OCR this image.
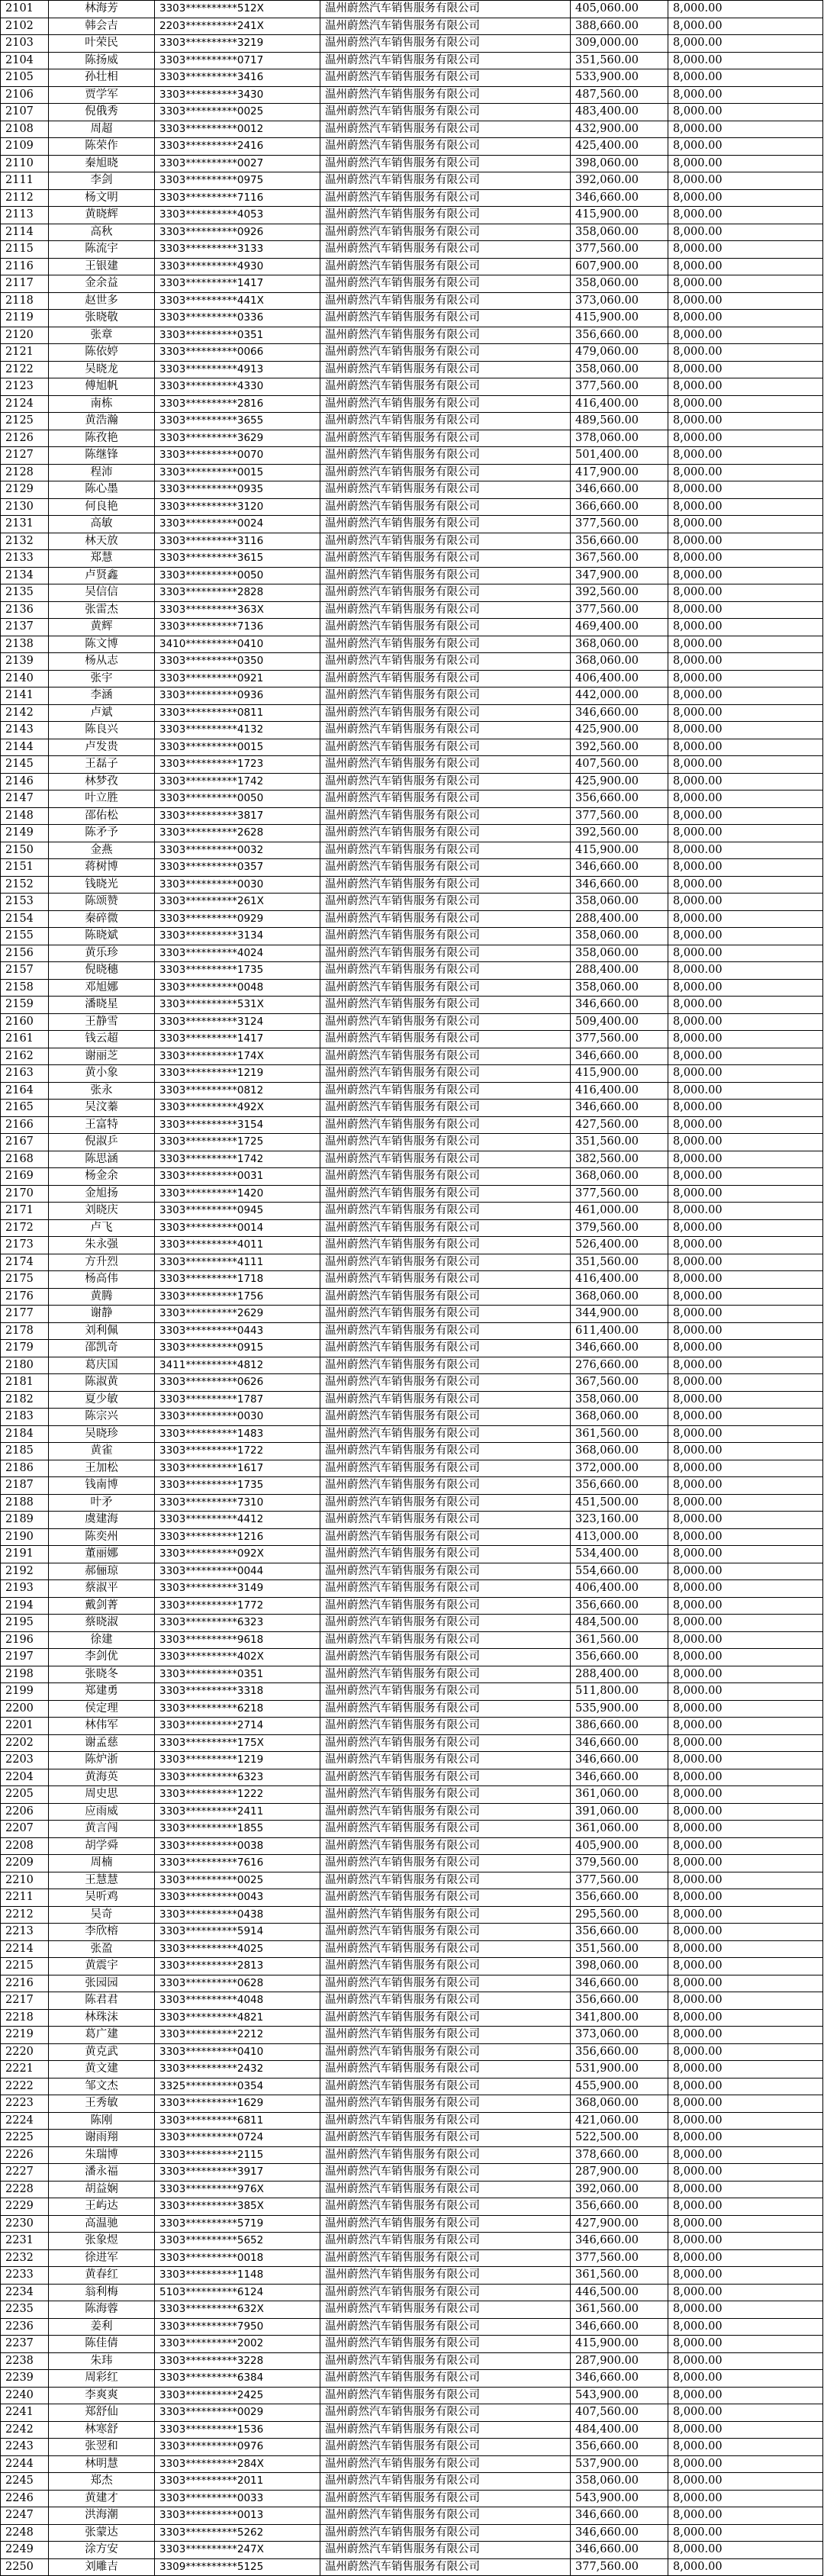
2101	林海芳	3303**********512X	温州蔚然汽车销售服务有限公司	405,060.00	8,000.00
2102	韩会吉	2203**********241X	温州蔚然汽车销售服务有限公司	388,660.00	8,000.00
2103	叶荣民	3303**********3219	温州蔚然汽车销售服务有限公司	309,000.00	8,000.00
2104	陈扬威	3303**********0717	温州蔚然汽车销售服务有限公司	351,560.00	8,000.00
2105	孙壮相	3303**********3416	温州蔚然汽车销售服务有限公司	533,900.00	8,000.00
2106	贾学军	3303**********3430	温州蔚然汽车销售服务有限公司	487,560.00	8,000.00
2107	倪俄秀	3303**********0025	温州蔚然汽车销售服务有限公司	483,400.00	8,000.00
2108	周超	3303**********0012	温州蔚然汽车销售服务有限公司	432,900.00	8,000.00
2109	陈荣作	3303**********2416	温州蔚然汽车销售服务有限公司	425,400.00	8,000.00
2110	秦旭晓	3303**********0027	温州蔚然汽车销售服务有限公司	398,060.00	8,000.00
2111	李剑	3303**********0975	温州蔚然汽车销售服务有限公司	392,060.00	8,000.00
2112	杨文明	3303**********7116	温州蔚然汽车销售服务有限公司	346,660.00	8,000.00
2113	黄晓辉	3303**********4053	温州蔚然汽车销售服务有限公司	415,900.00	8,000.00
2114	高秋	3303**********0926	温州蔚然汽车销售服务有限公司	358,060.00	8,000.00
2115	陈流宇	3303**********3133	温州蔚然汽车销售服务有限公司	377,560.00	8,000.00
2116	王银建	3303**********4930	温州蔚然汽车销售服务有限公司	607,900.00	8,000.00
2117	金余益	3303**********1417	温州蔚然汽车销售服务有限公司	358,060.00	8,000.00
2118	赵世多	3303**********441X	温州蔚然汽车销售服务有限公司	373,060.00	8,000.00
2119	张晓敬	3303**********0336	温州蔚然汽车销售服务有限公司	415,900.00	8,000.00
2120	张章	3303**********0351	温州蔚然汽车销售服务有限公司	356,660.00	8,000.00
2121	陈依婷	3303**********0066	温州蔚然汽车销售服务有限公司	479,060.00	8,000.00
2122	吴晓龙	3303**********4913	温州蔚然汽车销售服务有限公司	358,060.00	8,000.00
2123	傅旭帆	3303**********4330	温州蔚然汽车销售服务有限公司	377,560.00	8,000.00
2124	南栋	3303**********2816	温州蔚然汽车销售服务有限公司	416,400.00	8,000.00
2125	黄浩瀚	3303**********3655	温州蔚然汽车销售服务有限公司	489,560.00	8,000.00
2126	陈孜艳	3303**********3629	温州蔚然汽车销售服务有限公司	378,060.00	8,000.00
2127	陈继锋	3303**********0070	温州蔚然汽车销售服务有限公司	501,400.00	8,000.00
2128	程沛	3303**********0015	温州蔚然汽车销售服务有限公司	417,900.00	8,000.00
2129	陈心墨	3303**********0935	温州蔚然汽车销售服务有限公司	346,660.00	8,000.00
2130	何良艳	3303**********3120	温州蔚然汽车销售服务有限公司	366,660.00	8,000.00
2131	高敏	3303**********0024	温州蔚然汽车销售服务有限公司	377,560.00	8,000.00
2132	林天放	3303**********3116	温州蔚然汽车销售服务有限公司	356,660.00	8,000.00
2133	郑慧	3303**********3615	温州蔚然汽车销售服务有限公司	367,560.00	8,000.00
2134	卢贤鑫	3303**********0050	温州蔚然汽车销售服务有限公司	347,900.00	8,000.00
2135	吴信信	3303**********2828	温州蔚然汽车销售服务有限公司	392,560.00	8,000.00
2136	张雷杰	3303**********363X	温州蔚然汽车销售服务有限公司	377,560.00	8,000.00
2137	黄辉	3303**********7136	温州蔚然汽车销售服务有限公司	469,400.00	8,000.00
2138	陈文博	3410**********0410	温州蔚然汽车销售服务有限公司	368,060.00	8,000.00
2139	杨从志	3303**********0350	温州蔚然汽车销售服务有限公司	368,060.00	8,000.00
2140	张宇	3303**********0921	温州蔚然汽车销售服务有限公司	406,400.00	8,000.00
2141	李涵	3303**********0936	温州蔚然汽车销售服务有限公司	442,000.00	8,000.00
2142	卢斌	3303**********0811	温州蔚然汽车销售服务有限公司	346,660.00	8,000.00
2143	陈良兴	3303**********4132	温州蔚然汽车销售服务有限公司	425,900.00	8,000.00
2144	卢发贵	3303**********0015	温州蔚然汽车销售服务有限公司	392,560.00	8,000.00
2145	王磊子	3303**********1723	温州蔚然汽车销售服务有限公司	407,560.00	8,000.00
2146	林梦孜	3303**********1742	温州蔚然汽车销售服务有限公司	425,900.00	8,000.00
2147	叶立胜	3303**********0050	温州蔚然汽车销售服务有限公司	356,660.00	8,000.00
2148	邵佑松	3303**********3817	温州蔚然汽车销售服务有限公司	377,560.00	8,000.00
2149	陈矛予	3303**********2628	温州蔚然汽车销售服务有限公司	392,560.00	8,000.00
2150	金燕	3303**********0032	温州蔚然汽车销售服务有限公司	415,900.00	8,000.00
2151	蒋树博	3303**********0357	温州蔚然汽车销售服务有限公司	346,660.00	8,000.00
2152	钱晓光	3303**********0030	温州蔚然汽车销售服务有限公司	346,660.00	8,000.00
2153	陈颂赞	3303**********261X	温州蔚然汽车销售服务有限公司	358,060.00	8,000.00
2154	秦碎微	3303**********0929	温州蔚然汽车销售服务有限公司	288,400.00	8,000.00
2155	陈晓斌	3303**********3134	温州蔚然汽车销售服务有限公司	358,060.00	8,000.00
2156	黄乐珍	3303**********4024	温州蔚然汽车销售服务有限公司	358,060.00	8,000.00
2157	倪晓穗	3303**********1735	温州蔚然汽车销售服务有限公司	288,400.00	8,000.00
2158	邓旭娜	3303**********0048	温州蔚然汽车销售服务有限公司	358,060.00	8,000.00
2159	潘晓星	3303**********531X	温州蔚然汽车销售服务有限公司	346,660.00	8,000.00
2160	王静雪	3303**********3124	温州蔚然汽车销售服务有限公司	509,400.00	8,000.00
2161	钱云超	3303**********1417	温州蔚然汽车销售服务有限公司	377,560.00	8,000.00
2162	谢丽芝	3303**********174X	温州蔚然汽车销售服务有限公司	346,660.00	8,000.00
2163	黄小象	3303**********1219	温州蔚然汽车销售服务有限公司	415,900.00	8,000.00
2164	张永	3303**********0812	温州蔚然汽车销售服务有限公司	416,400.00	8,000.00
2165	吴汶蓁	3303**********492X	温州蔚然汽车销售服务有限公司	346,660.00	8,000.00
2166	王富特	3303**********3154	温州蔚然汽车销售服务有限公司	427,560.00	8,000.00
2167	倪淑乒	3303**********1725	温州蔚然汽车销售服务有限公司	351,560.00	8,000.00
2168	陈思涵	3303**********1742	温州蔚然汽车销售服务有限公司	382,560.00	8,000.00
2169	杨金余	3303**********0031	温州蔚然汽车销售服务有限公司	368,060.00	8,000.00
2170	金旭扬	3303**********1420	温州蔚然汽车销售服务有限公司	377,560.00	8,000.00
2171	刘晓庆	3303**********0945	温州蔚然汽车销售服务有限公司	461,000.00	8,000.00
2172	卢飞	3303**********0014	温州蔚然汽车销售服务有限公司	379,560.00	8,000.00
2173	朱永强	3303**********4011	温州蔚然汽车销售服务有限公司	526,400.00	8,000.00
2174	方升烈	3303**********4111	温州蔚然汽车销售服务有限公司	351,560.00	8,000.00
2175	杨高伟	3303**********1718	温州蔚然汽车销售服务有限公司	416,400.00	8,000.00
2176	黄腾	3303**********1756	温州蔚然汽车销售服务有限公司	368,060.00	8,000.00
2177	谢静	3303**********2629	温州蔚然汽车销售服务有限公司	344,900.00	8,000.00
2178	刘利佩	3303**********0443	温州蔚然汽车销售服务有限公司	611,400.00	8,000.00
2179	邵凯奇	3303**********0915	温州蔚然汽车销售服务有限公司	346,660.00	8,000.00
2180	葛庆国	3411**********4812	温州蔚然汽车销售服务有限公司	276,660.00	8,000.00
2181	陈淑黄	3303**********0626	温州蔚然汽车销售服务有限公司	367,560.00	8,000.00
2182	夏少敏	3303**********1787	温州蔚然汽车销售服务有限公司	358,060.00	8,000.00
2183	陈宗兴	3303**********0030	温州蔚然汽车销售服务有限公司	368,060.00	8,000.00
2184	吴晓珍	3303**********1483	温州蔚然汽车销售服务有限公司	361,560.00	8,000.00
2185	黄雀	3303**********1722	温州蔚然汽车销售服务有限公司	368,060.00	8,000.00
2186	王加松	3303**********1617	温州蔚然汽车销售服务有限公司	372,000.00	8,000.00
2187	钱南博	3303**********1735	温州蔚然汽车销售服务有限公司	356,660.00	8,000.00
2188	叶矛	3303**********7310	温州蔚然汽车销售服务有限公司	451,500.00	8,000.00
2189	虞建海	3303**********4412	温州蔚然汽车销售服务有限公司	323,160.00	8,000.00
2190	陈奕州	3303**********1216	温州蔚然汽车销售服务有限公司	413,000.00	8,000.00
2191	董丽娜	3303**********092X	温州蔚然汽车销售服务有限公司	534,400.00	8,000.00
2192	郝俪琼	3303**********0044	温州蔚然汽车销售服务有限公司	554,660.00	8,000.00
2193	蔡淑平	3303**********3149	温州蔚然汽车销售服务有限公司	406,400.00	8,000.00
2194	戴剑菁	3303**********1772	温州蔚然汽车销售服务有限公司	356,660.00	8,000.00
2195	蔡晓淑	3303**********6323	温州蔚然汽车销售服务有限公司	484,500.00	8,000.00
2196	徐建	3303**********9618	温州蔚然汽车销售服务有限公司	361,560.00	8,000.00
2197	李剑优	3303**********402X	温州蔚然汽车销售服务有限公司	356,660.00	8,000.00
2198	张晓冬	3303**********0351	温州蔚然汽车销售服务有限公司	288,400.00	8,000.00
2199	郑建勇	3303**********3318	温州蔚然汽车销售服务有限公司	511,800.00	8,000.00
2200	侯定理	3303**********6218	温州蔚然汽车销售服务有限公司	535,900.00	8,000.00
2201	林伟军	3303**********2714	温州蔚然汽车销售服务有限公司	386,660.00	8,000.00
2202	谢孟慈	3303**********175X	温州蔚然汽车销售服务有限公司	346,660.00	8,000.00
2203	陈炉浙	3303**********1219	温州蔚然汽车销售服务有限公司	346,660.00	8,000.00
2204	黄海英	3303**********6323	温州蔚然汽车销售服务有限公司	346,660.00	8,000.00
2205	周史思	3303**********1222	温州蔚然汽车销售服务有限公司	361,060.00	8,000.00
2206	应雨威	3303**********2411	温州蔚然汽车销售服务有限公司	391,060.00	8,000.00
2207	黄言闯	3303**********1855	温州蔚然汽车销售服务有限公司	361,060.00	8,000.00
2208	胡学舜	3303**********0038	温州蔚然汽车销售服务有限公司	405,900.00	8,000.00
2209	周楠	3303**********7616	温州蔚然汽车销售服务有限公司	379,560.00	8,000.00
2210	王慧慧	3303**********0025	温州蔚然汽车销售服务有限公司	377,560.00	8,000.00
2211	吴听鸡	3303**********0043	温州蔚然汽车销售服务有限公司	356,660.00	8,000.00
2212	吴奇	3303**********0438	温州蔚然汽车销售服务有限公司	295,560.00	8,000.00
2213	李欣榕	3303**********5914	温州蔚然汽车销售服务有限公司	356,660.00	8,000.00
2214	张盈	3303**********4025	温州蔚然汽车销售服务有限公司	351,560.00	8,000.00
2215	黄震宇	3303**********2813	温州蔚然汽车销售服务有限公司	398,060.00	8,000.00
2216	张园园	3303**********0628	温州蔚然汽车销售服务有限公司	346,660.00	8,000.00
2217	陈君君	3303**********4048	温州蔚然汽车销售服务有限公司	356,660.00	8,000.00
2218	林珠沫	3303**********4821	温州蔚然汽车销售服务有限公司	341,800.00	8,000.00
2219	葛广建	3303**********2212	温州蔚然汽车销售服务有限公司	373,060.00	8,000.00
2220	黄克武	3303**********0410	温州蔚然汽车销售服务有限公司	356,660.00	8,000.00
2221	黄文建	3303**********2432	温州蔚然汽车销售服务有限公司	531,900.00	8,000.00
2222	邹文杰	3325**********0354	温州蔚然汽车销售服务有限公司	455,900.00	8,000.00
2223	王秀敏	3303**********1629	温州蔚然汽车销售服务有限公司	368,060.00	8,000.00
2224	陈刚	3303**********6811	温州蔚然汽车销售服务有限公司	421,060.00	8,000.00
2225	谢雨翔	3303**********0724	温州蔚然汽车销售服务有限公司	522,500.00	8,000.00
2226	朱瑞博	3303**********2115	温州蔚然汽车销售服务有限公司	378,660.00	8,000.00
2227	潘永福	3303**********3917	温州蔚然汽车销售服务有限公司	287,900.00	8,000.00
2228	胡益娴	3303**********976X	温州蔚然汽车销售服务有限公司	392,060.00	8,000.00
2229	王屿达	3303**********385X	温州蔚然汽车销售服务有限公司	356,660.00	8,000.00
2230	高温驰	3303**********5719	温州蔚然汽车销售服务有限公司	427,900.00	8,000.00
2231	张象煜	3303**********5652	温州蔚然汽车销售服务有限公司	346,660.00	8,000.00
2232	徐进军	3303**********0018	温州蔚然汽车销售服务有限公司	377,560.00	8,000.00
2233	黄春红	3303**********1148	温州蔚然汽车销售服务有限公司	361,560.00	8,000.00
2234	翁利梅	5103**********6124	温州蔚然汽车销售服务有限公司	446,500.00	8,000.00
2235	陈海蓉	3303**********632X	温州蔚然汽车销售服务有限公司	361,560.00	8,000.00
2236	姜利	3303**********7950	温州蔚然汽车销售服务有限公司	346,660.00	8,000.00
2237	陈佳倩	3303**********2002	温州蔚然汽车销售服务有限公司	415,900.00	8,000.00
2238	朱玮	3303**********3228	温州蔚然汽车销售服务有限公司	287,900.00	8,000.00
2239	周彩红	3303**********6384	温州蔚然汽车销售服务有限公司	346,660.00	8,000.00
2240	李爽爽	3303**********2425	温州蔚然汽车销售服务有限公司	543,900.00	8,000.00
2241	郑舒仙	3303**********0029	温州蔚然汽车销售服务有限公司	407,560.00	8,000.00
2242	林寒舒	3303**********1536	温州蔚然汽车销售服务有限公司	484,400.00	8,000.00
2243	张翌和	3303**********0976	温州蔚然汽车销售服务有限公司	356,660.00	8,000.00
2244	林明慧	3303**********284X	温州蔚然汽车销售服务有限公司	537,900.00	8,000.00
2245	郑杰	3303**********2011	温州蔚然汽车销售服务有限公司	358,060.00	8,000.00
2246	黄建才	3303**********0033	温州蔚然汽车销售服务有限公司	543,900.00	8,000.00
2247	洪海潮	3303**********0013	温州蔚然汽车销售服务有限公司	346,660.00	8,000.00
2248	张蒙达	3303**********5262	温州蔚然汽车销售服务有限公司	346,660.00	8,000.00
2249	涂方安	3303**********247X	温州蔚然汽车销售服务有限公司	346,660.00	8,000.00
2250	刘雕吉	3309**********5125	温州蔚然汽车销售服务有限公司	377,560.00	8,000.00
